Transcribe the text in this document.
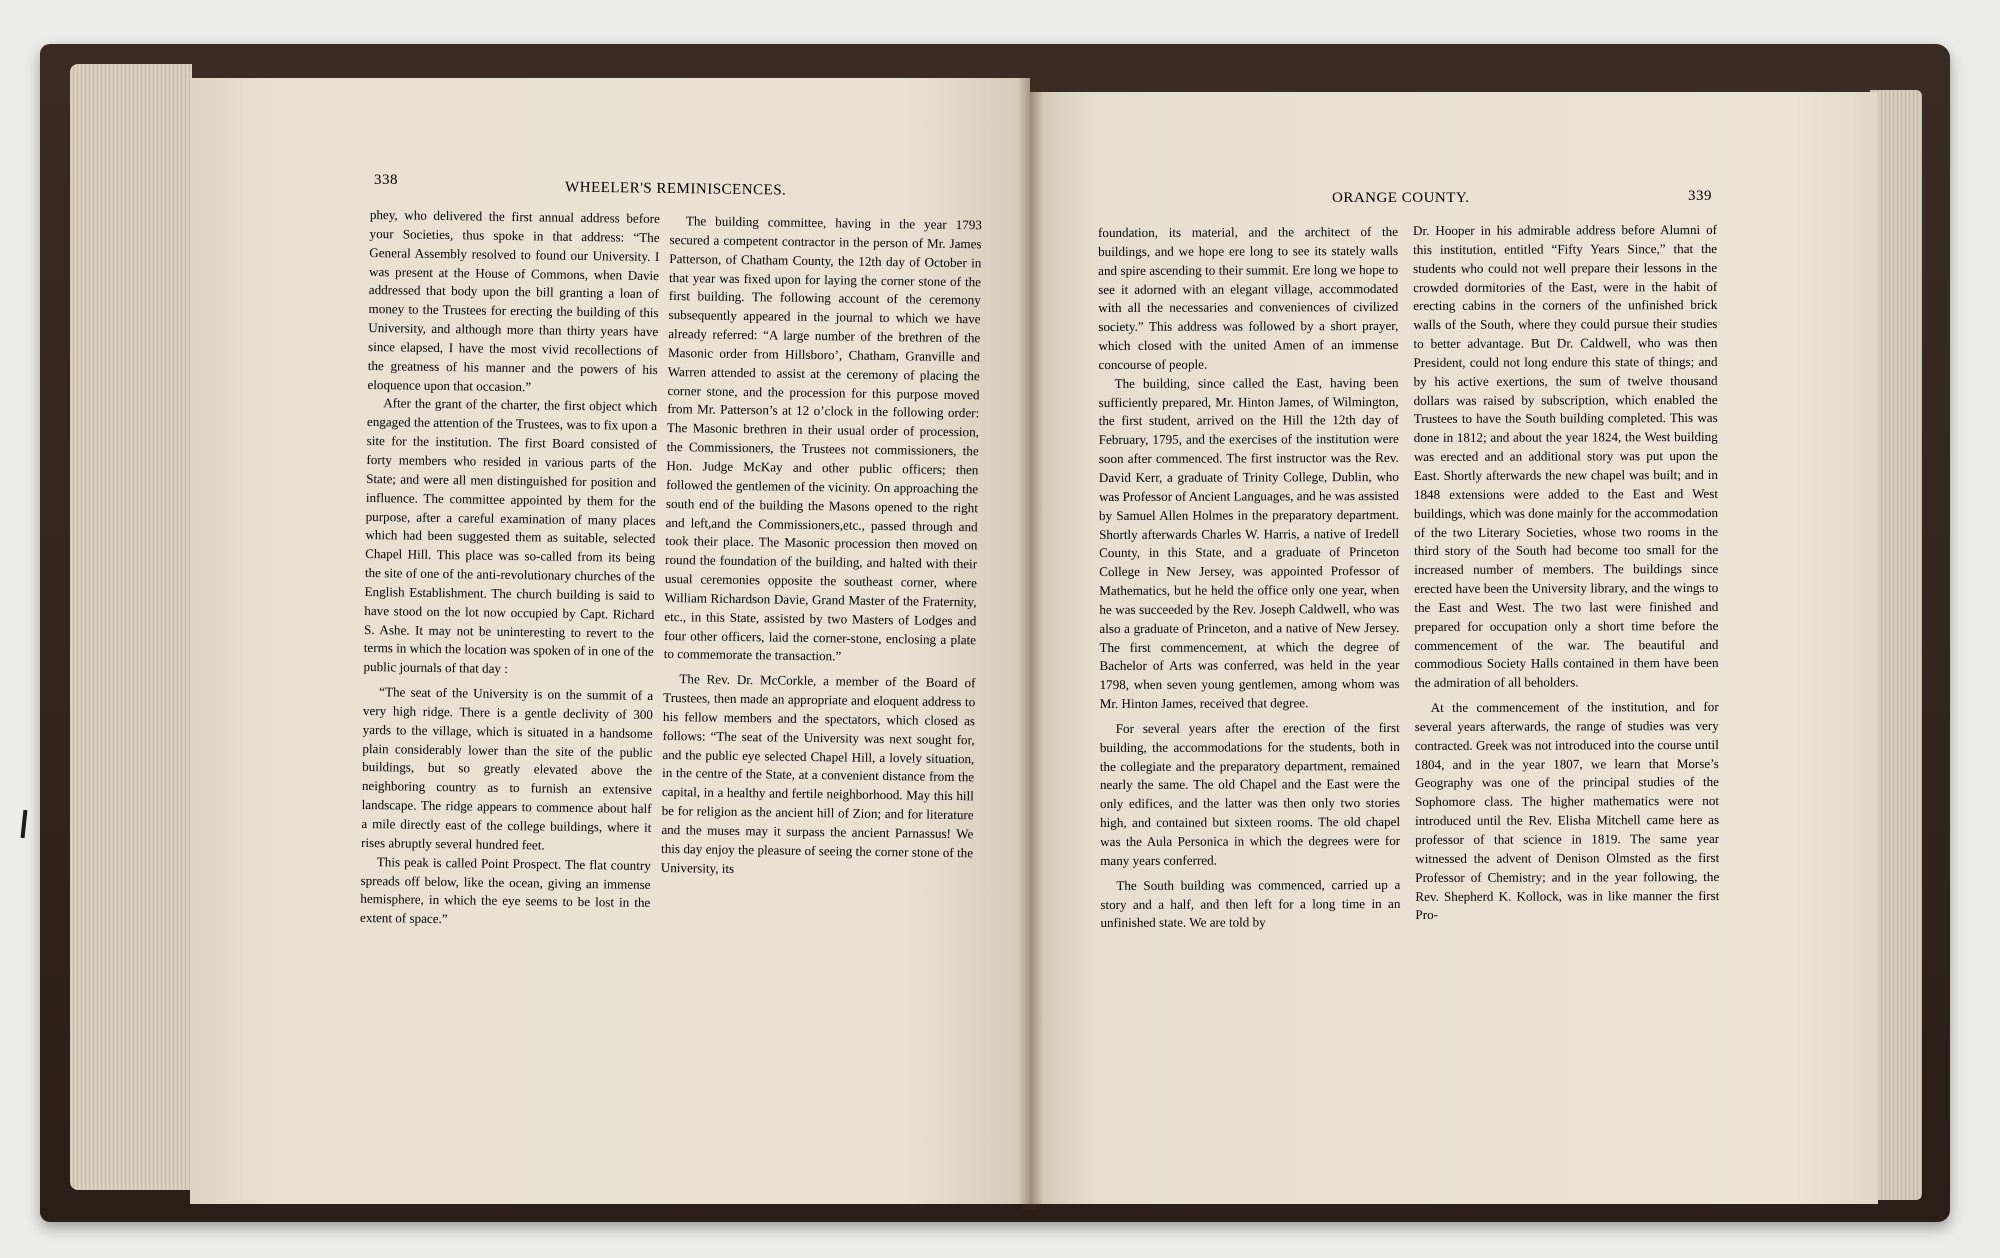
338	WHEELER'S REMINISCENCES.	ORANGE COUNTY.	339

phey, who delivered the first annual address before your Societies, thus spoke in that address: “The General Assembly resolved to found our University. I was present at the House of Commons, when Davie addressed that body upon the bill granting a loan of money to the Trustees for erecting the building of this University, and although more than thirty years have since elapsed, I have the most vivid recollections of the greatness of his manner and the powers of his eloquence upon that occasion.”

After the grant of the charter, the first object which engaged the attention of the Trustees, was to fix upon a site for the institution. The first Board consisted of forty members who resided in various parts of the State; and were all men distinguished for position and influence. The committee appointed by them for the purpose, after a careful examination of many places which had been suggested them as suitable, selected Chapel Hill. This place was so-called from its being the site of one of the anti-revolutionary churches of the English Establishment. The church building is said to have stood on the lot now occupied by Capt. Richard S. Ashe. It may not be uninteresting to revert to the terms in which the location was spoken of in one of the public journals of that day :

“The seat of the University is on the summit of a very high ridge. There is a gentle declivity of 300 yards to the village, which is situated in a handsome plain considerably lower than the site of the public buildings, but so greatly elevated above the neighboring country as to furnish an extensive landscape. The ridge appears to commence about half a mile directly east of the college buildings, where it rises abruptly several hundred feet.

This peak is called Point Prospect. The flat country spreads off below, like the ocean, giving an immense hemisphere, in which the eye seems to be lost in the extent of space.”

The building committee, having in the year 1793 secured a competent contractor in the person of Mr. James Patterson, of Chatham County, the 12th day of October in that year was fixed upon for laying the corner stone of the first building. The following account of the ceremony subsequently appeared in the journal to which we have already referred: “A large number of the brethren of the Masonic order from Hillsboro’, Chatham, Granville and Warren attended to assist at the ceremony of placing the corner stone, and the procession for this purpose moved from Mr. Patterson’s at 12 o’clock in the following order: The Masonic brethren in their usual order of procession, the Commissioners, the Trustees not commissioners, the Hon. Judge McKay and other public officers; then followed the gentlemen of the vicinity. On approaching the south end of the building the Masons opened to the right and left,and the Commissioners,etc., passed through and took their place. The Masonic procession then moved on round the foundation of the building, and halted with their usual ceremonies opposite the southeast corner, where William Richardson Davie, Grand Master of the Fraternity, etc., in this State, assisted by two Masters of Lodges and four other officers, laid the corner-stone, enclosing a plate to commemorate the transaction.”

The Rev. Dr. McCorkle, a member of the Board of Trustees, then made an appropriate and eloquent address to his fellow members and the spectators, which closed as follows: “The seat of the University was next sought for, and the public eye selected Chapel Hill, a lovely situation, in the centre of the State, at a convenient distance from the capital, in a healthy and fertile neighborhood. May this hill be for religion as the ancient hill of Zion; and for literature and the muses may it surpass the ancient Parnassus! We this day enjoy the pleasure of seeing the corner stone of the University, its

foundation, its material, and the architect of the buildings, and we hope ere long to see its stately walls and spire ascending to their summit. Ere long we hope to see it adorned with an elegant village, accommodated with all the necessaries and conveniences of civilized society.” This address was followed by a short prayer, which closed with the united Amen of an immense concourse of people.

The building, since called the East, having been sufficiently prepared, Mr. Hinton James, of Wilmington, the first student, arrived on the Hill the 12th day of February, 1795, and the exercises of the institution were soon after commenced. The first instructor was the Rev. David Kerr, a graduate of Trinity College, Dublin, who was Professor of Ancient Languages, and he was assisted by Samuel Allen Holmes in the preparatory department. Shortly afterwards Charles W. Harris, a native of Iredell County, in this State, and a graduate of Princeton College in New Jersey, was appointed Professor of Mathematics, but he held the office only one year, when he was succeeded by the Rev. Joseph Caldwell, who was also a graduate of Princeton, and a native of New Jersey. The first commencement, at which the degree of Bachelor of Arts was conferred, was held in the year 1798, when seven young gentlemen, among whom was Mr. Hinton James, received that degree.

For several years after the erection of the first building, the accommodations for the students, both in the collegiate and the preparatory department, remained nearly the same. The old Chapel and the East were the only edifices, and the latter was then only two stories high, and contained but sixteen rooms. The old chapel was the Aula Personica in which the degrees were for many years conferred.

The South building was commenced, carried up a story and a half, and then left for a long time in an unfinished state. We are told by

Dr. Hooper in his admirable address before Alumni of this institution, entitled “Fifty Years Since,” that the students who could not well prepare their lessons in the crowded dormitories of the East, were in the habit of erecting cabins in the corners of the unfinished brick walls of the South, where they could pursue their studies to better advantage. But Dr. Caldwell, who was then President, could not long endure this state of things; and by his active exertions, the sum of twelve thousand dollars was raised by subscription, which enabled the Trustees to have the South building completed. This was done in 1812; and about the year 1824, the West building was erected and an additional story was put upon the East. Shortly afterwards the new chapel was built; and in 1848 extensions were added to the East and West buildings, which was done mainly for the accommodation of the two Literary Societies, whose two rooms in the third story of the South had become too small for the increased number of members. The buildings since erected have been the University library, and the wings to the East and West. The two last were finished and prepared for occupation only a short time before the commencement of the war. The beautiful and commodious Society Halls contained in them have been the admiration of all beholders.

At the commencement of the institution, and for several years afterwards, the range of studies was very contracted. Greek was not introduced into the course until 1804, and in the year 1807, we learn that Morse’s Geography was one of the principal studies of the Sophomore class. The higher mathematics were not introduced until the Rev. Elisha Mitchell came here as professor of that science in 1819. The same year witnessed the advent of Denison Olmsted as the first Professor of Chemistry; and in the year following, the Rev. Shepherd K. Kollock, was in like manner the first Pro-
